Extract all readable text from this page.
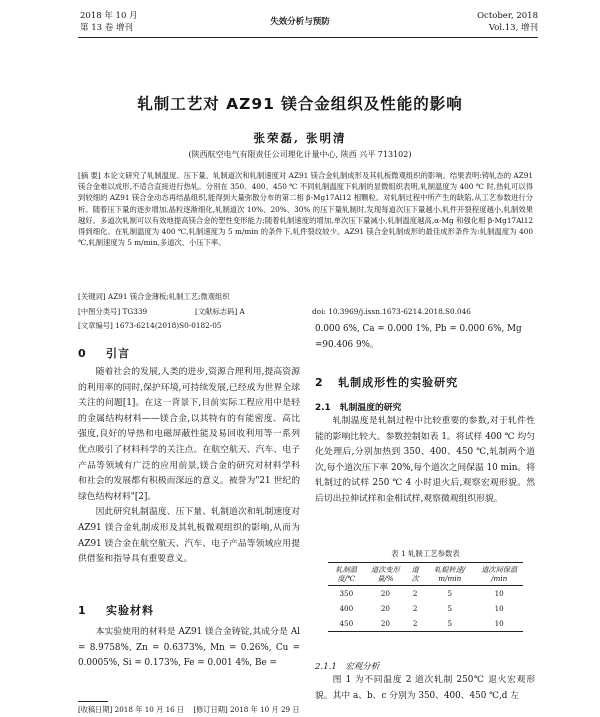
2018 年 10 月
第 13 卷 增刊
失效分析与预防
October, 2018
Vol.13, 增刊
轧制工艺对 AZ91 镁合金组织及性能的影响
张荣磊, 张明清
(陕西航空电气有限责任公司理化计量中心, 陕西 兴平 713102)
[摘 要] 本论文研究了轧制温度、压下量、轧制道次和轧制速度对 AZ91 镁合金轧制成形及其轧板微观组织的影响。结果表明:铸轧态的 AZ91 镁合金难以成形,不适合直接进行热轧。分别在 350、400、450 ℃ 不同轧制温度下轧制的显微组织表明,轧制温度为 400 ℃ 时,热轧可以得到较细的 AZ91 镁合金动态再结晶组织,能得到大量弥散分布的第二相 β-Mg17Al12 相颗粒。对轧制过程中所产生的缺陷,从工艺参数进行分析。随着压下量的逐步增加,晶粒逐渐细化,轧制道次 10%、20%、30% 的压下量轧制时,发现每道次压下量越小,轧件开裂程度越小,轧制效果越好。多道次轧制可以有效地提高镁合金的塑性变形能力;随着轧制速度的增加,单次压下量减小,轧制温度越高,α-Mg 和强化相 β-Mg17Al12 得到细化。在轧制温度为 400 ℃,轧制速度为 5 m/min 的条件下,轧件裂纹较少。AZ91 镁合金轧制成形的最佳成形条件为:轧制温度为 400 ℃,轧制速度为 5 m/min,多道次、小压下率。
[关键词] AZ91 镁合金薄板;轧制工艺;微观组织
[中图分类号] TG339	[文献标志码] A	doi: 10.3969/j.issn.1673-6214.2018.S0.046
[文章编号] 1673-6214(2018)S0-0182-05
0 引言

随着社会的发展,人类的进步,资源合理利用,提高资源的利用率的同时,保护环境,可持续发展,已经成为世界全球关注的问题[1]。在这一背景下,目前实际工程应用中是轻的金属结构材料——镁合金,以其特有的有能密度、高比强度,良好的导热和电磁屏蔽性能及易回收利用等一系列优点吸引了材料科学的关注点。在航空航天、汽车、电子产品等领域有广泛的应用前景,镁合金的研究对材料学科和社会的发展都有积极而深远的意义。被誉为"21 世纪的绿色结构材料"[2]。

因此研究轧制温度、压下量、轧制道次和轧制速度对 AZ91 镁合金轧制成形及其轧板微观组织的影响,从而为 AZ91 镁合金在航空航天、汽车、电子产品等领域应用提供借鉴和指导具有重要意义。

1 实验材料

本实验使用的材料是 AZ91 镁合金铸锭,其成分是 Al = 8.9758%, Zn = 0.6373%, Mn = 0.26%, Cu = 0.0005%, Si = 0.173%, Fe = 0.001 4%, Be =

0.000 6%, Ca = 0.000 1%, Pb = 0.000 6%, Mg

=90.406 9%。

2 轧制成形性的实验研究
2.1 轧制温度的研究

轧制温度是轧制过程中比较重要的参数,对于轧件性能的影响比较大。参数控制如表 1。将试样 400 ℃ 均匀化处理后,分别加热到 350、400、450 ℃,轧制两个道次,每个道次压下率 20%,每个道次之间保温 10 min。将轧制过的试样 250 ℃ 4 小时退火后,观察宏观形貌。然后切出拉伸试样和金相试样,观察微观组织形貌。

表 1 轧制工艺参数表
轧制温度/℃	道次变形量/%	道次	轧辊转速/ m/min	道次间保温 /min
350	20	2	5	10
400	20	2	5	10
450	20	2	5	10
2.1.1 宏观分析

图 1 为不同温度 2 道次轧制 250℃ 退火宏观形貌。其中 a、b、c 分别为 350、400、450 ℃,d 左

[收稿日期] 2018 年 10 月 16 日 [修订日期] 2018 年 10 月 29 日
